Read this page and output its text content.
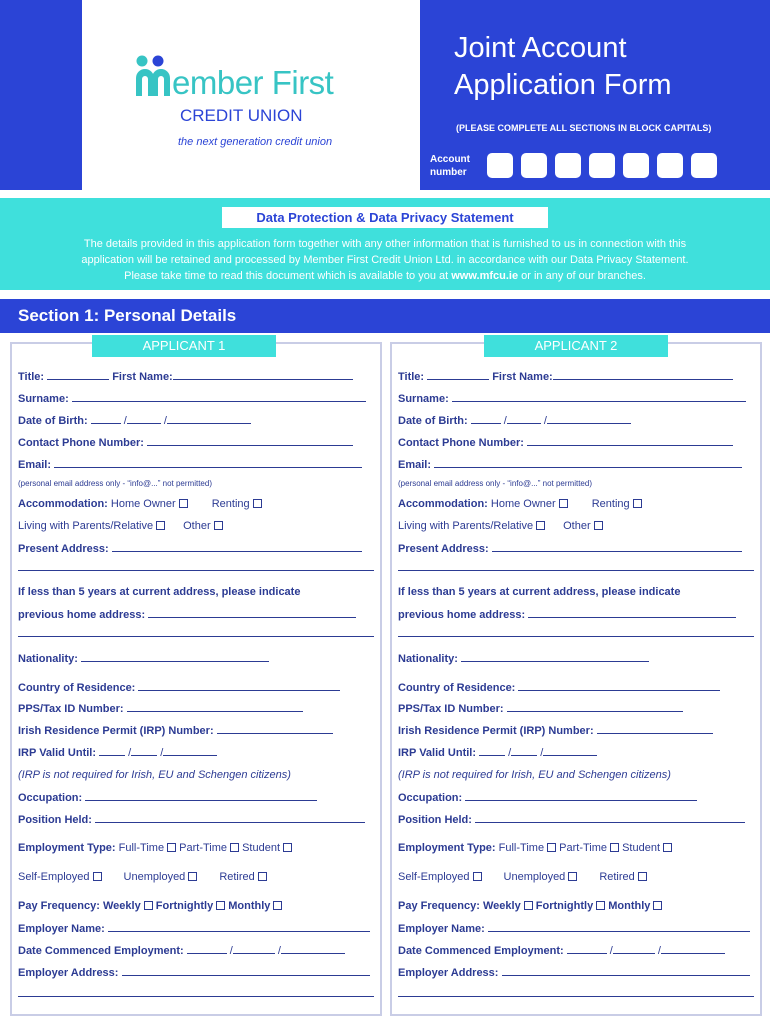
ember First
CREDIT UNION
the next generation credit union
Joint Account
Application Form
(PLEASE COMPLETE ALL SECTIONS IN BLOCK CAPITALS)
Account
number
Data Protection & Data Privacy Statement
The details provided in this application form together with any other information that is furnished to us in connection with this
application will be retained and processed by Member First Credit Union Ltd. in accordance with our Data Privacy Statement.
Please take time to read this document which is available to you at www.mfcu.ie or in any of our branches.
Section 1: Personal Details
APPLICANT 1	APPLICANT 2
Title:	First Name:
Surname:
Date of Birth:	/	/
Contact Phone Number:
Email:
(personal email address only - “info@...” not permitted)
Accommodation: Home Owner	Renting
Living with Parents/Relative	Other
Present Address:
If less than 5 years at current address, please indicate
previous home address:
Nationality:
Country of Residence:
PPS/Tax ID Number:
Irish Residence Permit (IRP) Number:
IRP Valid Until:	/	/
(IRP is not required for Irish, EU and Schengen citizens)
Occupation:
Position Held:
Employment Type: Full-Time Part-Time Student
Self-Employed	Unemployed	Retired
Pay Frequency: Weekly Fortnightly Monthly
Employer Name:
Date Commenced Employment:	/	/
Employer Address:
Title:	First Name:
Surname:
Date of Birth:	/	/
Contact Phone Number:
Email:
(personal email address only - “info@...” not permitted)
Accommodation: Home Owner	Renting
Living with Parents/Relative	Other
Present Address:
If less than 5 years at current address, please indicate
previous home address:
Nationality:
Country of Residence:
PPS/Tax ID Number:
Irish Residence Permit (IRP) Number:
IRP Valid Until:	/	/
(IRP is not required for Irish, EU and Schengen citizens)
Occupation:
Position Held:
Employment Type: Full-Time Part-Time Student
Self-Employed	Unemployed	Retired
Pay Frequency: Weekly Fortnightly Monthly
Employer Name:
Date Commenced Employment:	/	/
Employer Address:
